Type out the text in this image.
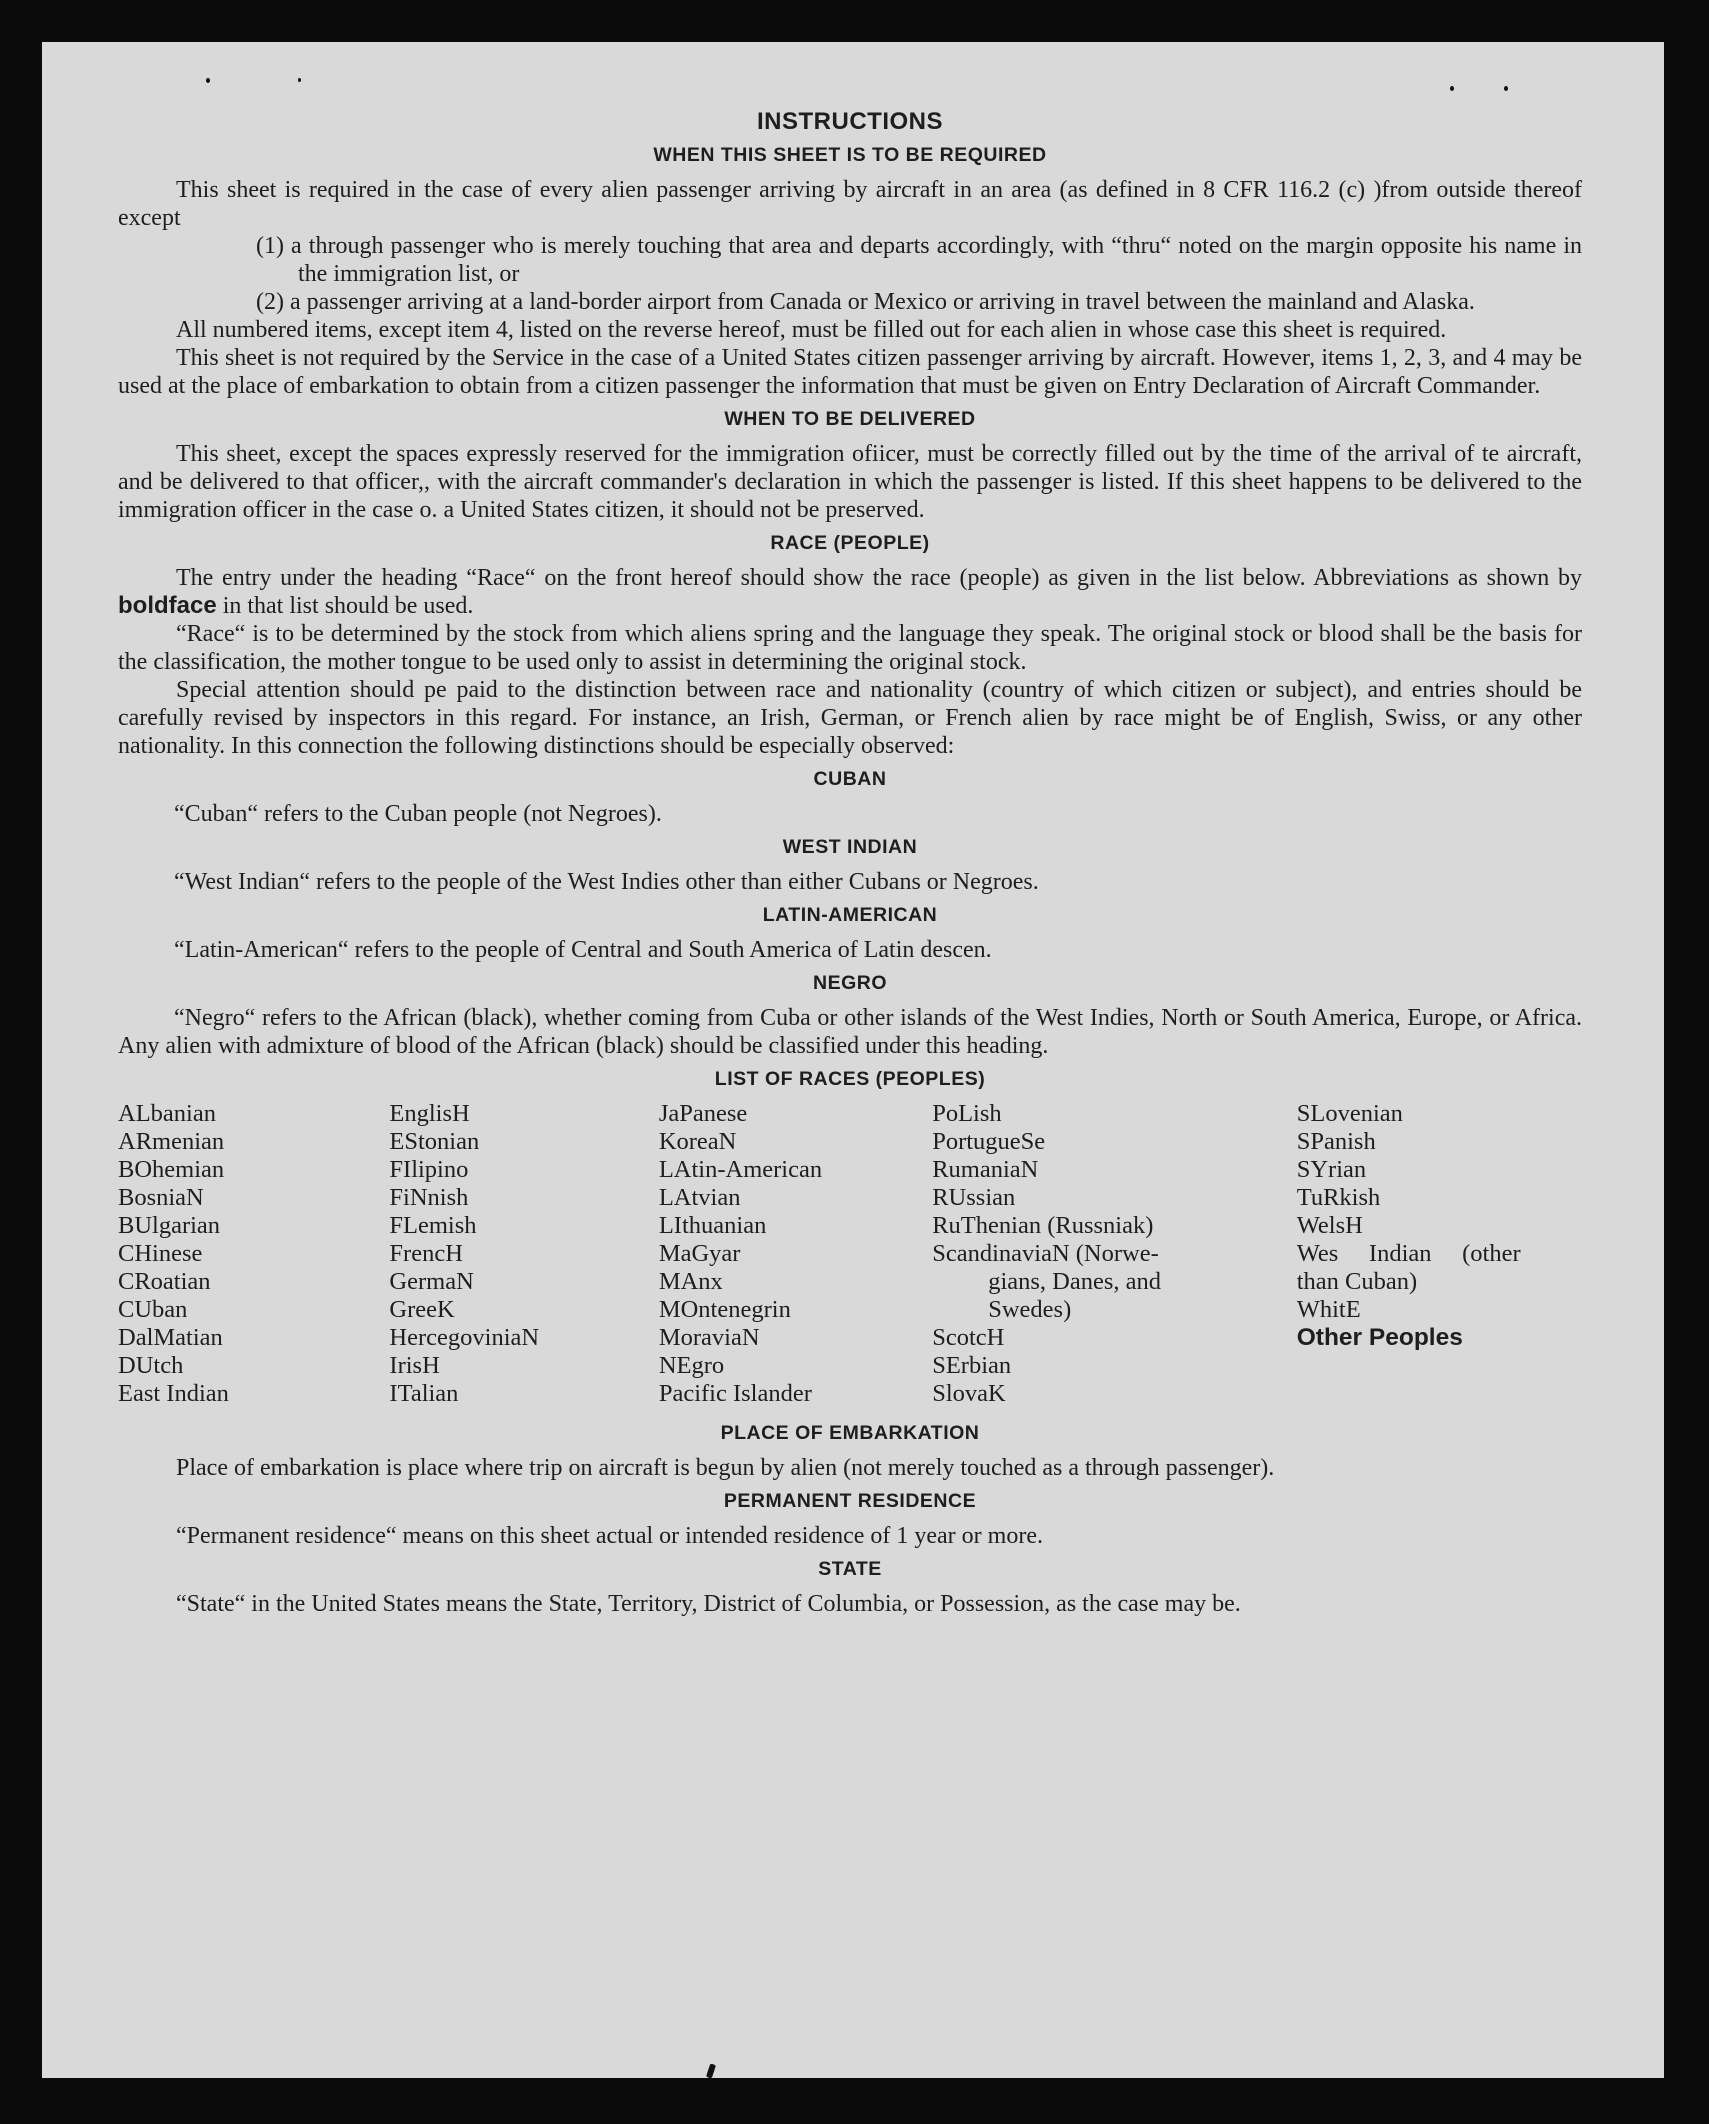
INSTRUCTIONS
WHEN THIS SHEET IS TO BE REQUIRED

This sheet is required in the case of every alien passenger arriving by aircraft in an area (as defined in 8 CFR 116.2 (c) )from outside thereof except

(1) a through passenger who is merely touching that area and departs accordingly, with “thru“ noted on the margin opposite his name in the immigration list, or
(2) a passenger arriving at a land-border airport from Canada or Mexico or arriving in travel between the mainland and Alaska.

All numbered items, except item 4, listed on the reverse hereof, must be filled out for each alien in whose case this sheet is required.

This sheet is not required by the Service in the case of a United States citizen passenger arriving by aircraft. However, items 1, 2, 3, and 4 may be used at the place of embarkation to obtain from a citizen passenger the information that must be given on Entry Declaration of Aircraft Commander.

WHEN TO BE DELIVERED

This sheet, except the spaces expressly reserved for the immigration ofiicer, must be correctly filled out by the time of the arrival of te aircraft, and be delivered to that officer,, with the aircraft commander's declaration in which the passenger is listed. If this sheet happens to be delivered to the immigration officer in the case o. a United States citizen, it should not be preserved.

RACE (PEOPLE)

The entry under the heading “Race“ on the front hereof should show the race (people) as given in the list below. Abbreviations as shown by boldface in that list should be used.

“Race“ is to be determined by the stock from which aliens spring and the language they speak. The original stock or blood shall be the basis for the classification, the mother tongue to be used only to assist in determining the original stock.

Special attention should pe paid to the distinction between race and nationality (country of which citizen or subject), and entries should be carefully revised by inspectors in this regard. For instance, an Irish, German, or French alien by race might be of English, Swiss, or any other nationality. In this connection the following distinctions should be especially observed:

CUBAN

“Cuban“ refers to the Cuban people (not Negroes).

WEST INDIAN

“West Indian“ refers to the people of the West Indies other than either Cubans or Negroes.

LATIN-AMERICAN

“Latin-American“ refers to the people of Central and South America of Latin descen.

NEGRO

“Negro“ refers to the African (black), whether coming from Cuba or other islands of the West Indies, North or South America, Europe, or Africa. Any alien with admixture of blood of the African (black) should be classified under this heading.

LIST OF RACES (PEOPLES)
ALbanian
ARmenian
BOhemian
BosniaN
BUlgarian
CHinese
CRoatian
CUban
DalMatian
DUtch
East Indian
EnglisH
EStonian
FIlipino
FiNnish
FLemish
FrencH
GermaN
GreeK
HercegoviniaN
IrisH
ITalian
JaPanese
KoreaN
LAtin-American
LAtvian
LIthuanian
MaGyar
MAnx
MOntenegrin
MoraviaN
NEgro
Pacific Islander
PoLish
PortugueSe
RumaniaN
RUssian
RuThenian (Russniak)
ScandinaviaN (Norwe-
gians, Danes, and
Swedes)
ScotcH
SErbian
SlovaK
SLovenian
SPanish
SYrian
TuRkish
WelsH
Wes     Indian     (other
than Cuban)
WhitE
Other Peoples
PLACE OF EMBARKATION

Place of embarkation is place where trip on aircraft is begun by alien (not merely touched as a through passenger).

PERMANENT RESIDENCE

“Permanent residence“ means on this sheet actual or intended residence of 1 year or more.

STATE

“State“ in the United States means the State, Territory, District of Columbia, or Possession, as the case may be.
